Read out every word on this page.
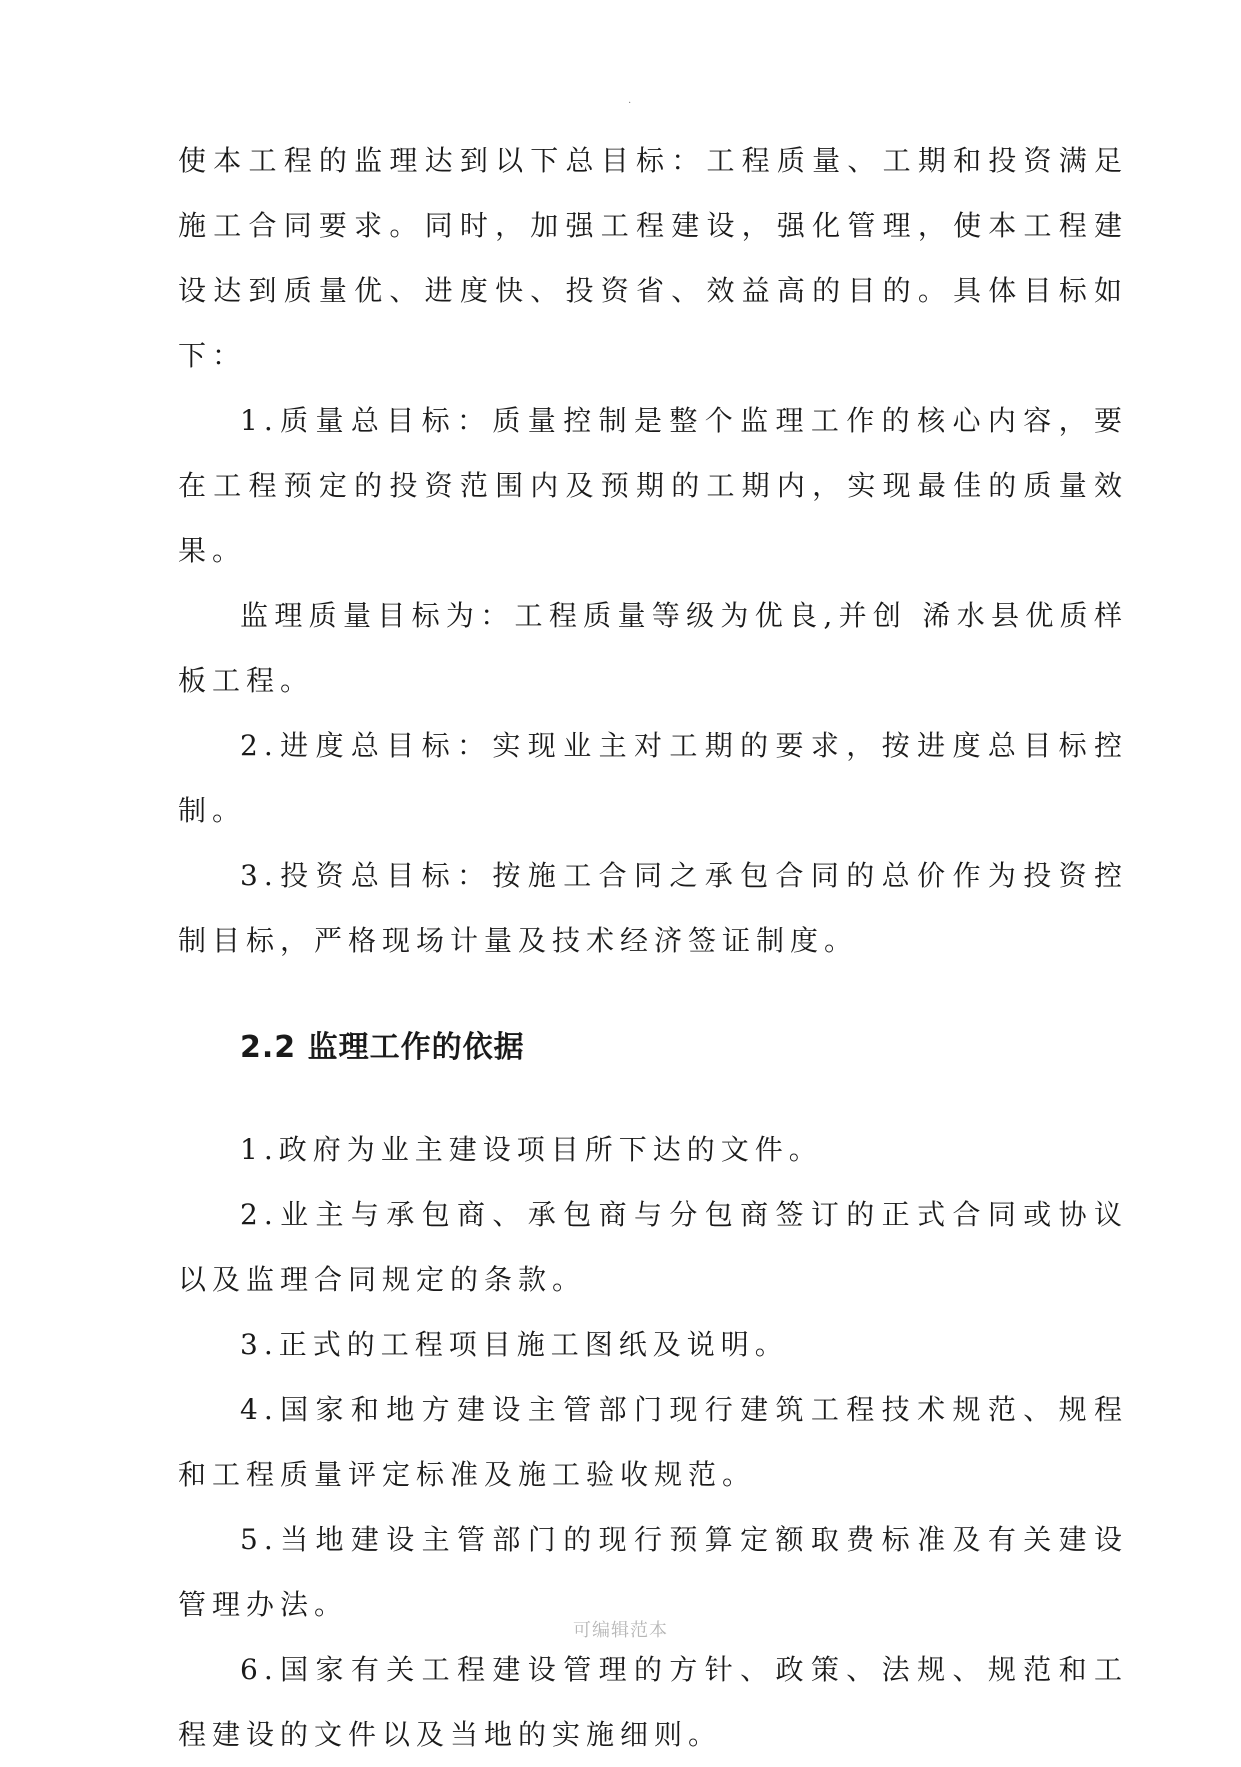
·

使本工程的监理达到以下总目标：工程质量、工期和投资满足施工合同要求。同时，加强工程建设，强化管理，使本工程建设达到质量优、进度快、投资省、效益高的目的。具体目标如下：

1.质量总目标：质量控制是整个监理工作的核心内容，要在工程预定的投资范围内及预期的工期内，实现最佳的质量效果。

监理质量目标为：工程质量等级为优良,并创 浠水县优质样板工程。

2.进度总目标：实现业主对工期的要求，按进度总目标控制。

3.投资总目标：按施工合同之承包合同的总价作为投资控制目标，严格现场计量及技术经济签证制度。

2.2 监理工作的依据

1.政府为业主建设项目所下达的文件。

2.业主与承包商、承包商与分包商签订的正式合同或协议以及监理合同规定的条款。

3.正式的工程项目施工图纸及说明。

4.国家和地方建设主管部门现行建筑工程技术规范、规程和工程质量评定标准及施工验收规范。

5.当地建设主管部门的现行预算定额取费标准及有关建设管理办法。

6.国家有关工程建设管理的方针、政策、法规、规范和工程建设的文件以及当地的实施细则。

可编辑范本
